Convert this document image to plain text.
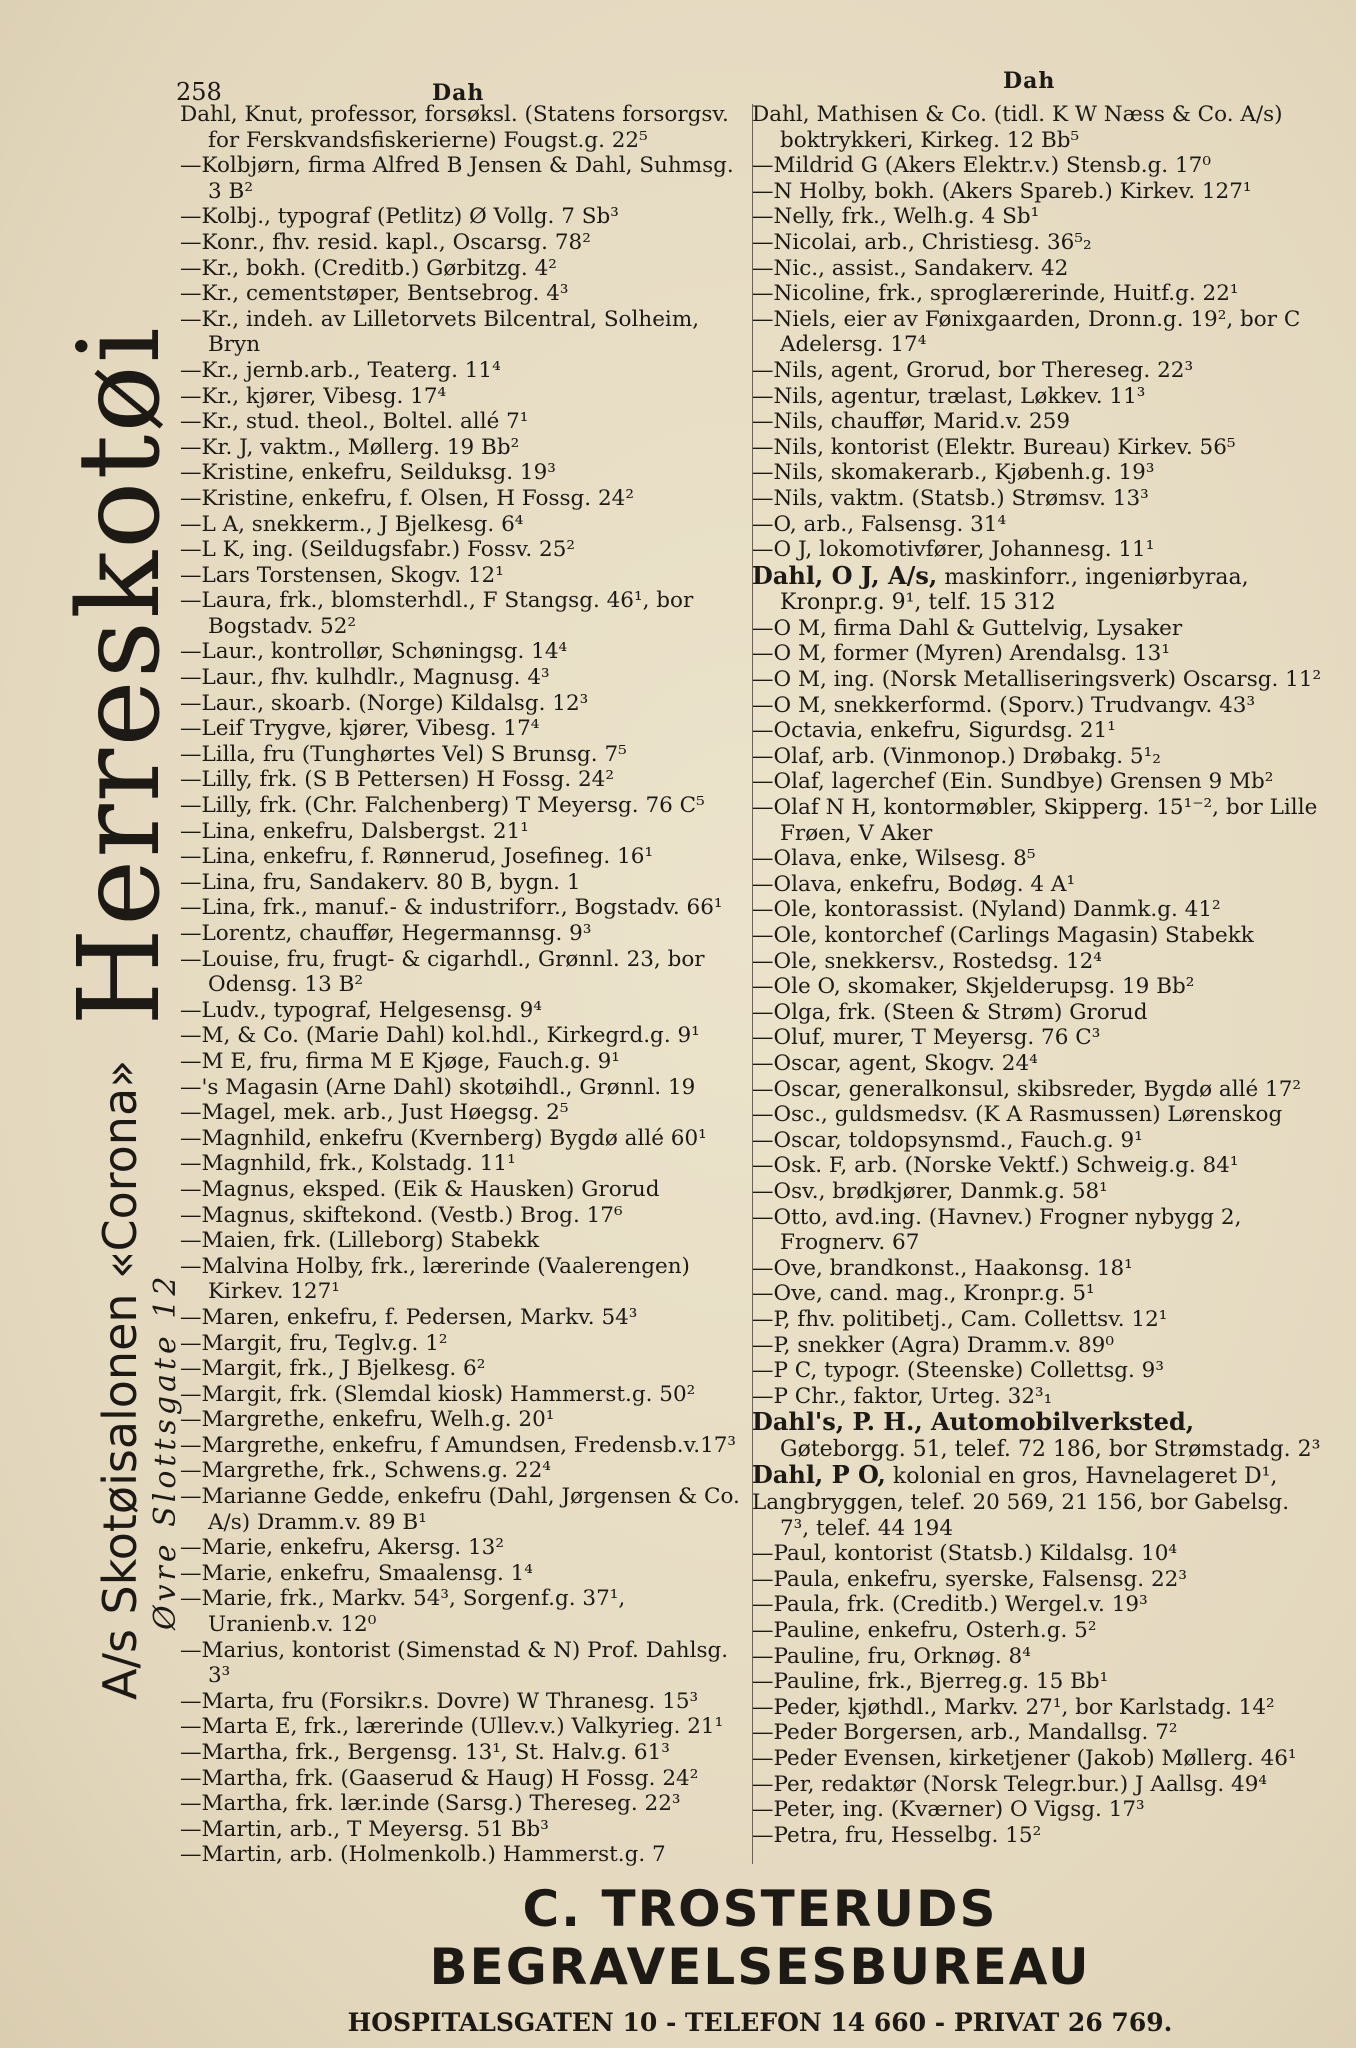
258	Dah	Dah
A/s Skotøisalonen «Corona»
Herreskotøi
Øvre Slottsgate 12
Dahl, Knut, professor, forsøksl. (Statens forsorgsv. for Ferskvandsfiskerierne) Fougst.g. 22⁵
—Kolbjørn, firma Alfred B Jensen & Dahl, Suhmsg. 3 B²
—Kolbj., typograf (Petlitz) Ø Vollg. 7 Sb³
—Konr., fhv. resid. kapl., Oscarsg. 78²
—Kr., bokh. (Creditb.) Gørbitzg. 4²
—Kr., cementstøper, Bentsebrog. 4³
—Kr., indeh. av Lilletorvets Bilcentral, Solheim, Bryn
—Kr., jernb.arb., Teaterg. 11⁴
—Kr., kjører, Vibesg. 17⁴
—Kr., stud. theol., Boltel. allé 7¹
—Kr. J, vaktm., Møllerg. 19 Bb²
—Kristine, enkefru, Seilduksg. 19³
—Kristine, enkefru, f. Olsen, H Fossg. 24²
—L A, snekkerm., J Bjelkesg. 6⁴
—L K, ing. (Seildugsfabr.) Fossv. 25²
—Lars Torstensen, Skogv. 12¹
—Laura, frk., blomsterhdl., F Stangsg. 46¹, bor Bogstadv. 52²
—Laur., kontrollør, Schøningsg. 14⁴
—Laur., fhv. kulhdlr., Magnusg. 4³
—Laur., skoarb. (Norge) Kildalsg. 12³
—Leif Trygve, kjører, Vibesg. 17⁴
—Lilla, fru (Tunghørtes Vel) S Brunsg. 7⁵
—Lilly, frk. (S B Pettersen) H Fossg. 24²
—Lilly, frk. (Chr. Falchenberg) T Meyersg. 76 C⁵
—Lina, enkefru, Dalsbergst. 21¹
—Lina, enkefru, f. Rønnerud, Josefineg. 16¹
—Lina, fru, Sandakerv. 80 B, bygn. 1
—Lina, frk., manuf.- & industriforr., Bogstadv. 66¹
—Lorentz, chauffør, Hegermannsg. 9³
—Louise, fru, frugt- & cigarhdl., Grønnl. 23, bor Odensg. 13 B²
—Ludv., typograf, Helgesensg. 9⁴
—M, & Co. (Marie Dahl) kol.hdl., Kirkegrd.g. 9¹
—M E, fru, firma M E Kjøge, Fauch.g. 9¹
—'s Magasin (Arne Dahl) skotøihdl., Grønnl. 19
—Magel, mek. arb., Just Høegsg. 2⁵
—Magnhild, enkefru (Kvernberg) Bygdø allé 60¹
—Magnhild, frk., Kolstadg. 11¹
—Magnus, eksped. (Eik & Hausken) Grorud
—Magnus, skiftekond. (Vestb.) Brog. 17⁶
—Maien, frk. (Lilleborg) Stabekk
—Malvina Holby, frk., lærerinde (Vaalerengen) Kirkev. 127¹
—Maren, enkefru, f. Pedersen, Markv. 54³
—Margit, fru, Teglv.g. 1²
—Margit, frk., J Bjelkesg. 6²
—Margit, frk. (Slemdal kiosk) Hammerst.g. 50²
—Margrethe, enkefru, Welh.g. 20¹
—Margrethe, enkefru, f Amundsen, Fredensb.v.17³
—Margrethe, frk., Schwens.g. 22⁴
—Marianne Gedde, enkefru (Dahl, Jørgensen & Co. A/s) Dramm.v. 89 B¹
—Marie, enkefru, Akersg. 13²
—Marie, enkefru, Smaalensg. 1⁴
—Marie, frk., Markv. 54³, Sorgenf.g. 37¹, Uranienb.v. 12⁰
—Marius, kontorist (Simenstad & N) Prof. Dahlsg. 3³
—Marta, fru (Forsikr.s. Dovre) W Thranesg. 15³
—Marta E, frk., lærerinde (Ullev.v.) Valkyrieg. 21¹
—Martha, frk., Bergensg. 13¹, St. Halv.g. 61³
—Martha, frk. (Gaaserud & Haug) H Fossg. 24²
—Martha, frk. lær.inde (Sarsg.) Thereseg. 22³
—Martin, arb., T Meyersg. 51 Bb³
—Martin, arb. (Holmenkolb.) Hammerst.g. 7
Dahl, Mathisen & Co. (tidl. K W Næss & Co. A/s) boktrykkeri, Kirkeg. 12 Bb⁵
—Mildrid G (Akers Elektr.v.) Stensb.g. 17⁰
—N Holby, bokh. (Akers Spareb.) Kirkev. 127¹
—Nelly, frk., Welh.g. 4 Sb¹
—Nicolai, arb., Christiesg. 36⁵₂
—Nic., assist., Sandakerv. 42
—Nicoline, frk., sproglærerinde, Huitf.g. 22¹
—Niels, eier av Fønixgaarden, Dronn.g. 19², bor C Adelersg. 17⁴
—Nils, agent, Grorud, bor Thereseg. 22³
—Nils, agentur, trælast, Løkkev. 11³
—Nils, chauffør, Marid.v. 259
—Nils, kontorist (Elektr. Bureau) Kirkev. 56⁵
—Nils, skomakerarb., Kjøbenh.g. 19³
—Nils, vaktm. (Statsb.) Strømsv. 13³
—O, arb., Falsensg. 31⁴
—O J, lokomotivfører, Johannesg. 11¹
Dahl, O J, A/s, maskinforr., ingeniørbyraa, Kronpr.g. 9¹, telf. 15 312
—O M, firma Dahl & Guttelvig, Lysaker
—O M, former (Myren) Arendalsg. 13¹
—O M, ing. (Norsk Metalliseringsverk) Oscarsg. 11²
—O M, snekkerformd. (Sporv.) Trudvangv. 43³
—Octavia, enkefru, Sigurdsg. 21¹
—Olaf, arb. (Vinmonop.) Drøbakg. 5¹₂
—Olaf, lagerchef (Ein. Sundbye) Grensen 9 Mb²
—Olaf N H, kontormøbler, Skipperg. 15¹⁻², bor Lille Frøen, V Aker
—Olava, enke, Wilsesg. 8⁵
—Olava, enkefru, Bodøg. 4 A¹
—Ole, kontorassist. (Nyland) Danmk.g. 41²
—Ole, kontorchef (Carlings Magasin) Stabekk
—Ole, snekkersv., Rostedsg. 12⁴
—Ole O, skomaker, Skjelderupsg. 19 Bb²
—Olga, frk. (Steen & Strøm) Grorud
—Oluf, murer, T Meyersg. 76 C³
—Oscar, agent, Skogv. 24⁴
—Oscar, generalkonsul, skibsreder, Bygdø allé 17²
—Osc., guldsmedsv. (K A Rasmussen) Lørenskog
—Oscar, toldopsynsmd., Fauch.g. 9¹
—Osk. F, arb. (Norske Vektf.) Schweig.g. 84¹
—Osv., brødkjører, Danmk.g. 58¹
—Otto, avd.ing. (Havnev.) Frogner nybygg 2, Frognerv. 67
—Ove, brandkonst., Haakonsg. 18¹
—Ove, cand. mag., Kronpr.g. 5¹
—P, fhv. politibetj., Cam. Collettsv. 12¹
—P, snekker (Agra) Dramm.v. 89⁰
—P C, typogr. (Steenske) Collettsg. 9³
—P Chr., faktor, Urteg. 32³₁
Dahl's, P. H., Automobilverksted, Gøteborgg. 51, telef. 72 186, bor Strømstadg. 2³
Dahl, P O, kolonial en gros, Havnelageret D¹,
Langbryggen, telef. 20 569, 21 156, bor Gabelsg. 7³, telef. 44 194
—Paul, kontorist (Statsb.) Kildalsg. 10⁴
—Paula, enkefru, syerske, Falsensg. 22³
—Paula, frk. (Creditb.) Wergel.v. 19³
—Pauline, enkefru, Osterh.g. 5²
—Pauline, fru, Orknøg. 8⁴
—Pauline, frk., Bjerreg.g. 15 Bb¹
—Peder, kjøthdl., Markv. 27¹, bor Karlstadg. 14²
—Peder Borgersen, arb., Mandallsg. 7²
—Peder Evensen, kirketjener (Jakob) Møllerg. 46¹
—Per, redaktør (Norsk Telegr.bur.) J Aallsg. 49⁴
—Peter, ing. (Kværner) O Vigsg. 17³
—Petra, fru, Hesselbg. 15²
C. TROSTERUDS BEGRAVELSESBUREAU
HOSPITALSGATEN 10 - TELEFON 14 660 - PRIVAT 26 769.
